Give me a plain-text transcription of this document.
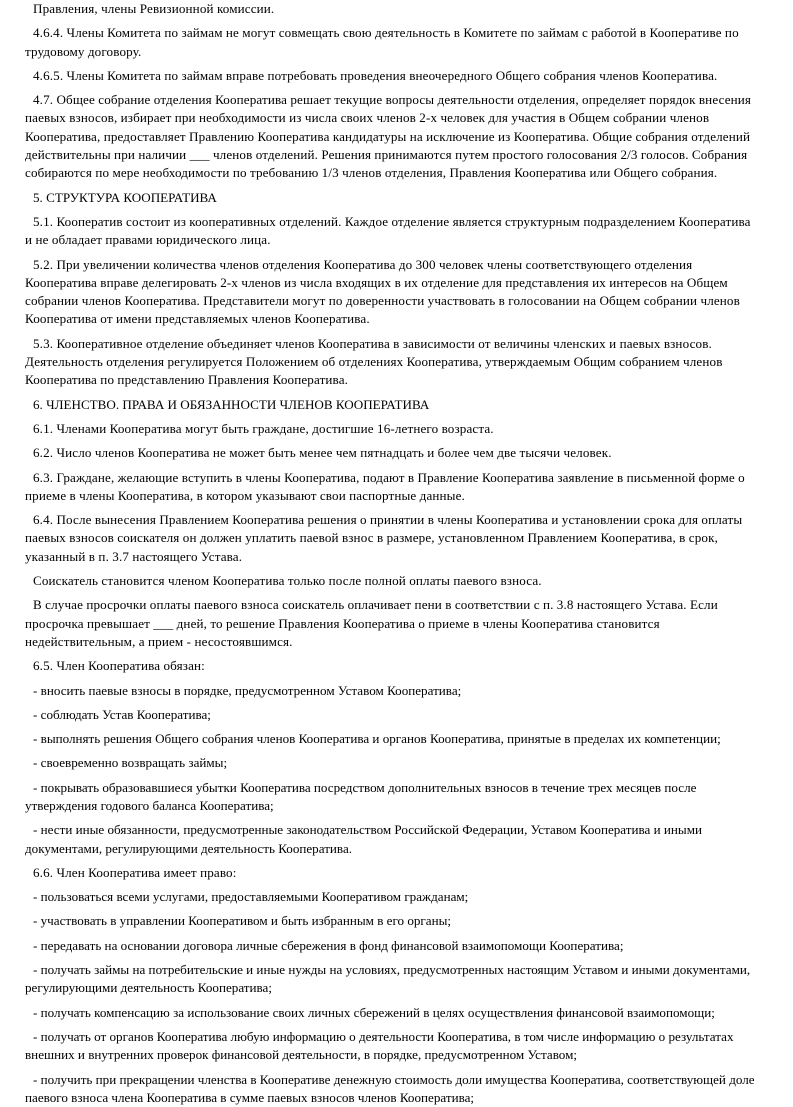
Правления, члены Ревизионной комиссии.

4.6.4. Члены Комитета по займам не могут совмещать свою деятельность в Комитете по займам с работой в Кооперативе по трудовому договору.

4.6.5. Члены Комитета по займам вправе потребовать проведения внеочередного Общего собрания членов Кооператива.

4.7. Общее собрание отделения Кооператива решает текущие вопросы деятельности отделения, определяет порядок внесения паевых взносов, избирает при необходимости из числа своих членов 2-х человек для участия в Общем собрании членов Кооператива, предоставляет Правлению Кооператива кандидатуры на исключение из Кооператива. Общие собрания отделений действительны при наличии ___ членов отделений. Решения принимаются путем простого голосования 2/3 голосов. Собрания собираются по мере необходимости по требованию 1/3 членов отделения, Правления Кооператива или Общего собрания.

5. СТРУКТУРА КООПЕРАТИВА

5.1. Кооператив состоит из кооперативных отделений. Каждое отделение является структурным подразделением Кооператива и не обладает правами юридического лица.

5.2. При увеличении количества членов отделения Кооператива до 300 человек члены соответствующего отделения Кооператива вправе делегировать 2-х членов из числа входящих в их отделение для представления их интересов на Общем собрании членов Кооператива. Представители могут по доверенности участвовать в голосовании на Общем собрании членов Кооператива от имени представляемых членов Кооператива.

5.3. Кооперативное отделение объединяет членов Кооператива в зависимости от величины членских и паевых взносов. Деятельность отделения регулируется Положением об отделениях Кооператива, утверждаемым Общим собранием членов Кооператива по представлению Правления Кооператива.

6. ЧЛЕНСТВО. ПРАВА И ОБЯЗАННОСТИ ЧЛЕНОВ КООПЕРАТИВА

6.1. Членами Кооператива могут быть граждане, достигшие 16-летнего возраста.

6.2. Число членов Кооператива не может быть менее чем пятнадцать и более чем две тысячи человек.

6.3. Граждане, желающие вступить в члены Кооператива, подают в Правление Кооператива заявление в письменной форме о приеме в члены Кооператива, в котором указывают свои паспортные данные.

6.4. После вынесения Правлением Кооператива решения о принятии в члены Кооператива и установлении срока для оплаты паевых взносов соискателя он должен уплатить паевой взнос в размере, установленном Правлением Кооператива, в срок, указанный в п. 3.7 настоящего Устава.

Соискатель становится членом Кооператива только после полной оплаты паевого взноса.

В случае просрочки оплаты паевого взноса соискатель оплачивает пени в соответствии с п. 3.8 настоящего Устава. Если просрочка превышает ___ дней, то решение Правления Кооператива о приеме в члены Кооператива становится недействительным, а прием - несостоявшимся.

6.5. Член Кооператива обязан:

- вносить паевые взносы в порядке, предусмотренном Уставом Кооператива;

- соблюдать Устав Кооператива;

- выполнять решения Общего собрания членов Кооператива и органов Кооператива, принятые в пределах их компетенции;

- своевременно возвращать займы;

- покрывать образовавшиеся убытки Кооператива посредством дополнительных взносов в течение трех месяцев после утверждения годового баланса Кооператива;

- нести иные обязанности, предусмотренные законодательством Российской Федерации, Уставом Кооператива и иными документами, регулирующими деятельность Кооператива.

6.6. Член Кооператива имеет право:

- пользоваться всеми услугами, предоставляемыми Кооперативом гражданам;

- участвовать в управлении Кооперативом и быть избранным в его органы;

- передавать на основании договора личные сбережения в фонд финансовой взаимопомощи Кооператива;

- получать займы на потребительские и иные нужды на условиях, предусмотренных настоящим Уставом и иными документами, регулирующими деятельность Кооператива;

- получать компенсацию за использование своих личных сбережений в целях осуществления финансовой взаимопомощи;

- получать от органов Кооператива любую информацию о деятельности Кооператива, в том числе информацию о результатах внешних и внутренних проверок финансовой деятельности, в порядке, предусмотренном Уставом;

- получить при прекращении членства в Кооперативе денежную стоимость доли имущества Кооператива, соответствующей доле паевого взноса члена Кооператива в сумме паевых взносов членов Кооператива;
